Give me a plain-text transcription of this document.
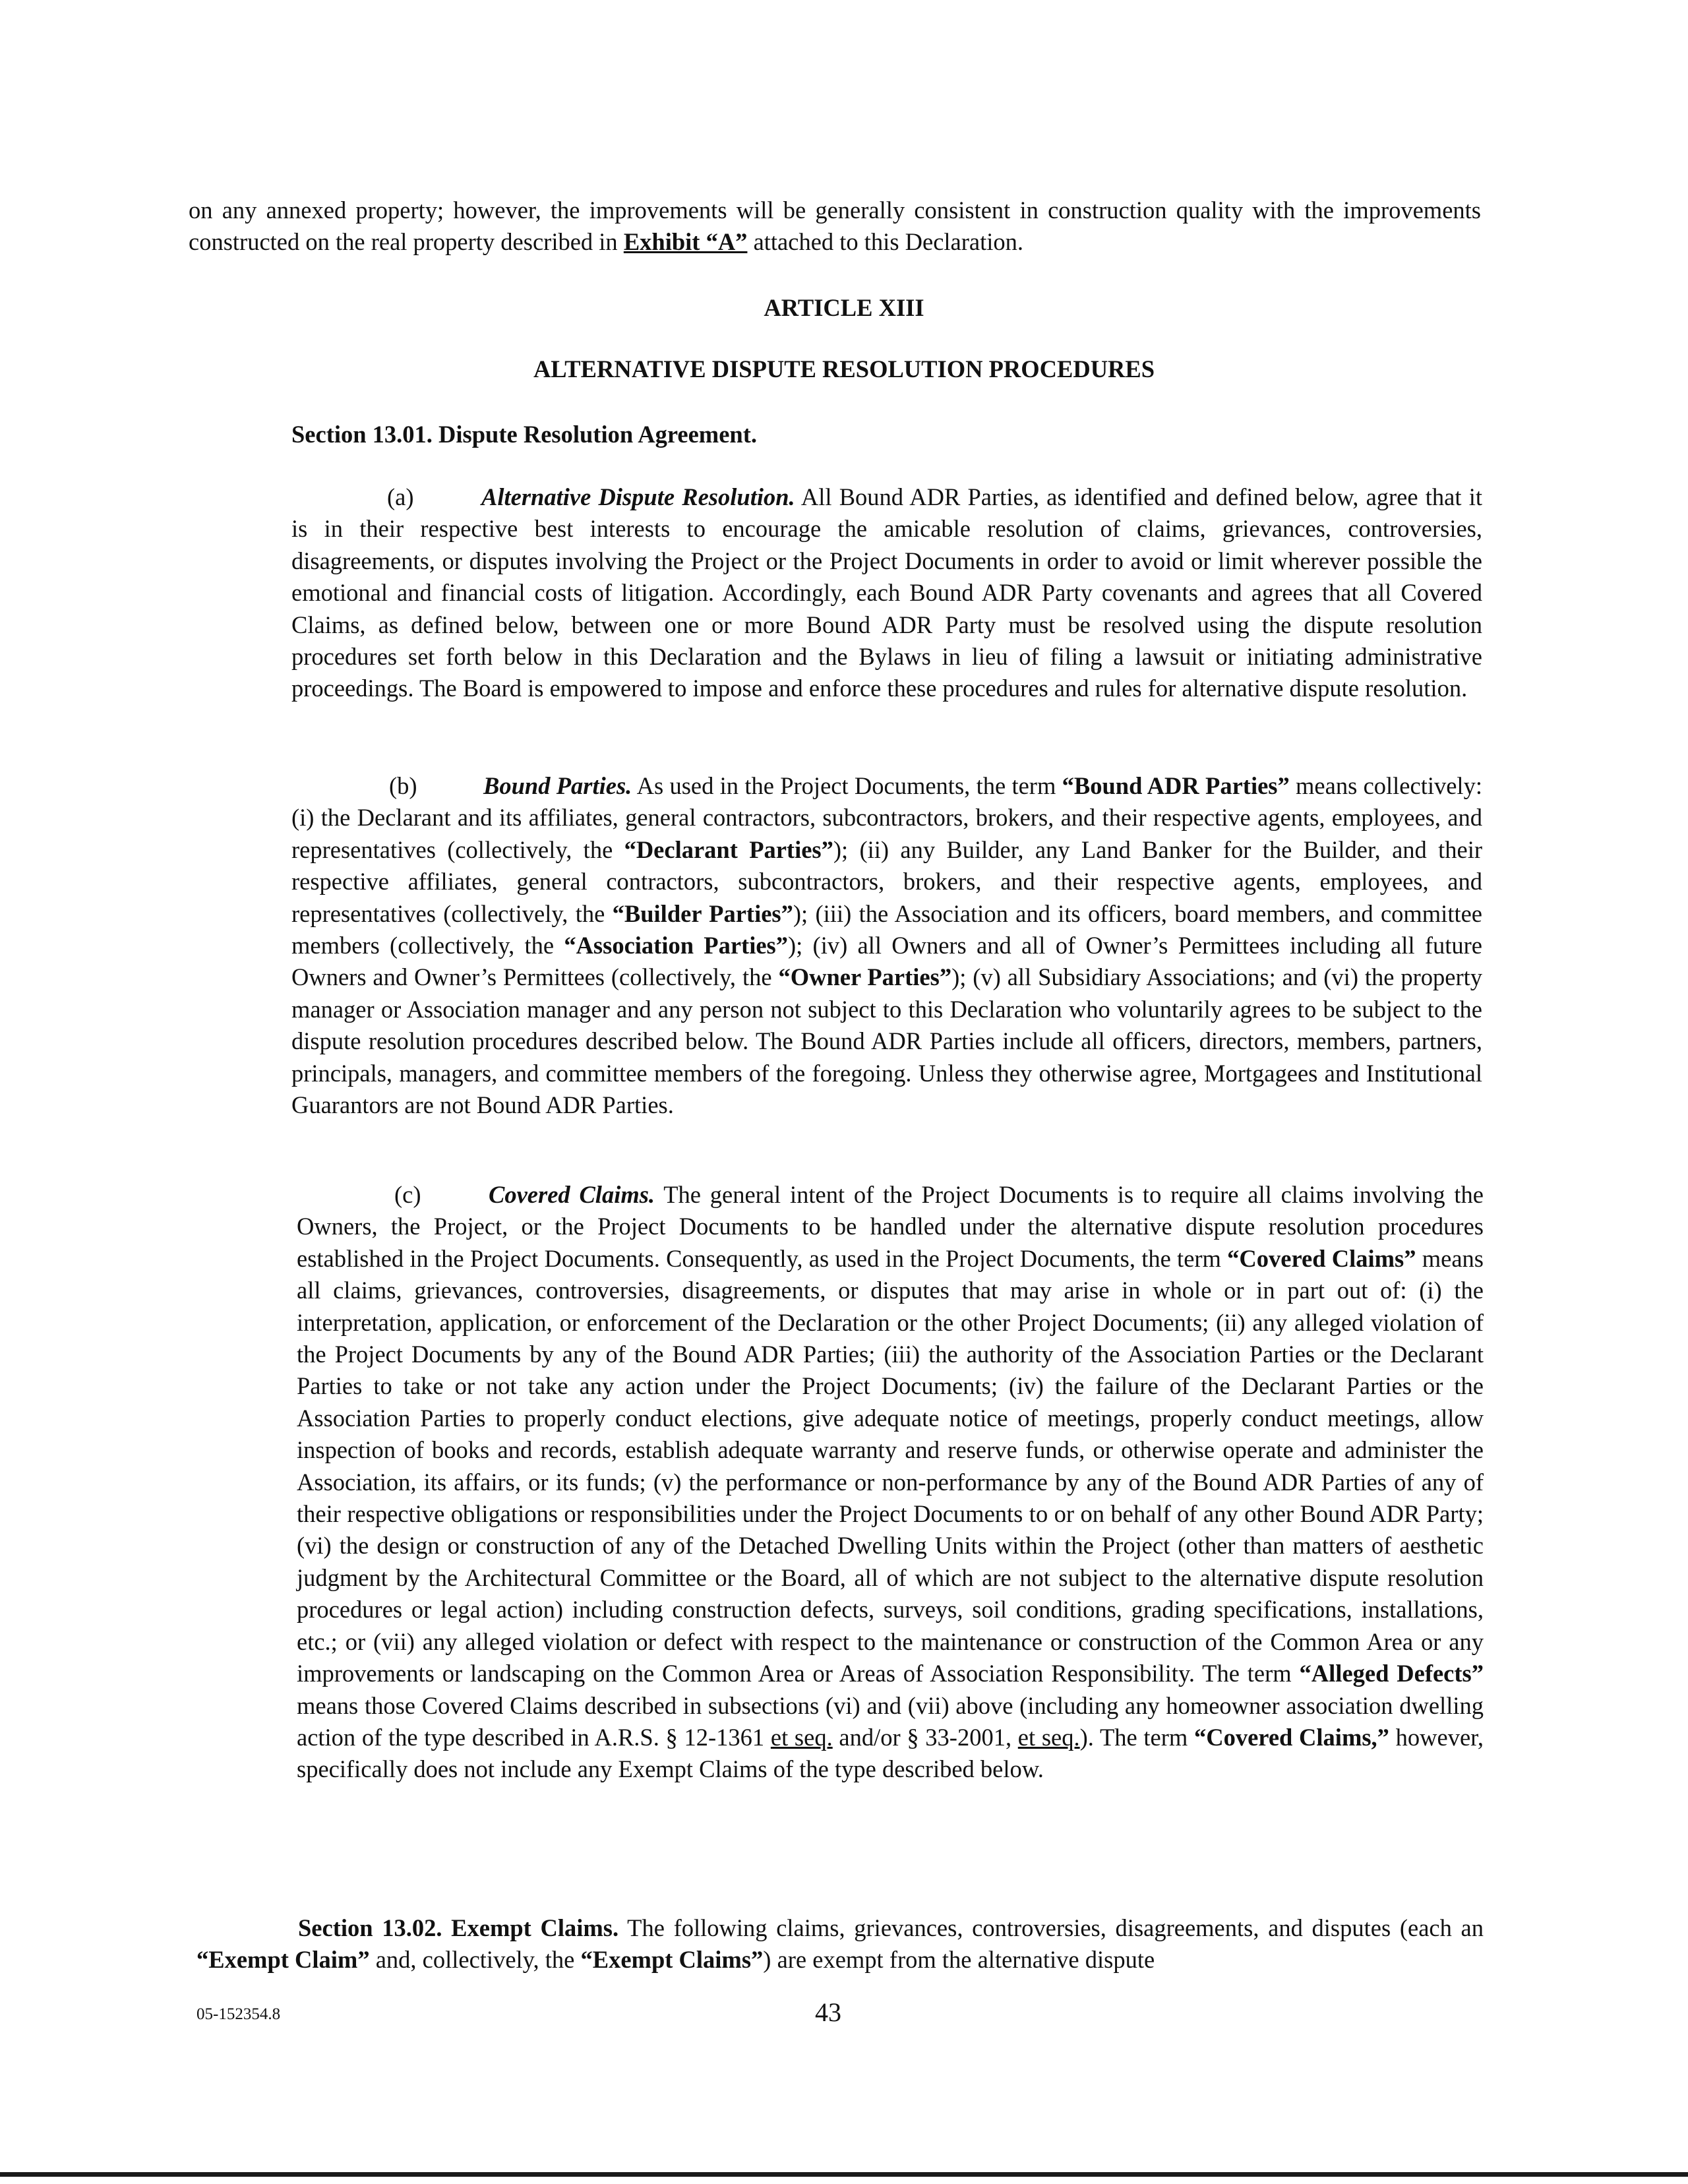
on any annexed property; however, the improvements will be generally consistent in construction quality with the improvements constructed on the real property described in Exhibit “A” attached to this Declaration.

ARTICLE XIII

ALTERNATIVE DISPUTE RESOLUTION PROCEDURES

Section 13.01. Dispute Resolution Agreement.

(a)	Alternative Dispute Resolution. All Bound ADR Parties, as identified and defined below, agree that it is in their respective best interests to encourage the amicable resolution of claims, grievances, controversies, disagreements, or disputes involving the Project or the Project Documents in order to avoid or limit wherever possible the emotional and financial costs of litigation. Accordingly, each Bound ADR Party covenants and agrees that all Covered Claims, as defined below, between one or more Bound ADR Party must be resolved using the dispute resolution procedures set forth below in this Declaration and the Bylaws in lieu of filing a lawsuit or initiating administrative proceedings. The Board is empowered to impose and enforce these procedures and rules for alternative dispute resolution.

(b)	Bound Parties. As used in the Project Documents, the term “Bound ADR Parties” means collectively: (i) the Declarant and its affiliates, general contractors, subcontractors, brokers, and their respective agents, employees, and representatives (collectively, the “Declarant Parties”); (ii) any Builder, any Land Banker for the Builder, and their respective affiliates, general contractors, subcontractors, brokers, and their respective agents, employees, and representatives (collectively, the “Builder Parties”); (iii) the Association and its officers, board members, and committee members (collectively, the “Association Parties”); (iv) all Owners and all of Owner’s Permittees including all future Owners and Owner’s Permittees (collectively, the “Owner Parties”); (v) all Subsidiary Associations; and (vi) the property manager or Association manager and any person not subject to this Declaration who voluntarily agrees to be subject to the dispute resolution procedures described below. The Bound ADR Parties include all officers, directors, members, partners, principals, managers, and committee members of the foregoing. Unless they otherwise agree, Mortgagees and Institutional Guarantors are not Bound ADR Parties.

(c)	Covered Claims. The general intent of the Project Documents is to require all claims involving the Owners, the Project, or the Project Documents to be handled under the alternative dispute resolution procedures established in the Project Documents. Consequently, as used in the Project Documents, the term “Covered Claims” means all claims, grievances, controversies, disagreements, or disputes that may arise in whole or in part out of: (i) the interpretation, application, or enforcement of the Declaration or the other Project Documents; (ii) any alleged violation of the Project Documents by any of the Bound ADR Parties; (iii) the authority of the Association Parties or the Declarant Parties to take or not take any action under the Project Documents; (iv) the failure of the Declarant Parties or the Association Parties to properly conduct elections, give adequate notice of meetings, properly conduct meetings, allow inspection of books and records, establish adequate warranty and reserve funds, or otherwise operate and administer the Association, its affairs, or its funds; (v) the performance or non-performance by any of the Bound ADR Parties of any of their respective obligations or responsibilities under the Project Documents to or on behalf of any other Bound ADR Party; (vi) the design or construction of any of the Detached Dwelling Units within the Project (other than matters of aesthetic judgment by the Architectural Committee or the Board, all of which are not subject to the alternative dispute resolution procedures or legal action) including construction defects, surveys, soil conditions, grading specifications, installations, etc.; or (vii) any alleged violation or defect with respect to the maintenance or construction of the Common Area or any improvements or landscaping on the Common Area or Areas of Association Responsibility. The term “Alleged Defects” means those Covered Claims described in subsections (vi) and (vii) above (including any homeowner association dwelling action of the type described in A.R.S. § 12-1361 et seq. and/or § 33-2001, et seq.). The term “Covered Claims,” however, specifically does not include any Exempt Claims of the type described below.

Section 13.02. Exempt Claims. The following claims, grievances, controversies, disagreements, and disputes (each an “Exempt Claim” and, collectively, the “Exempt Claims”) are exempt from the alternative dispute

05-152354.8	43
